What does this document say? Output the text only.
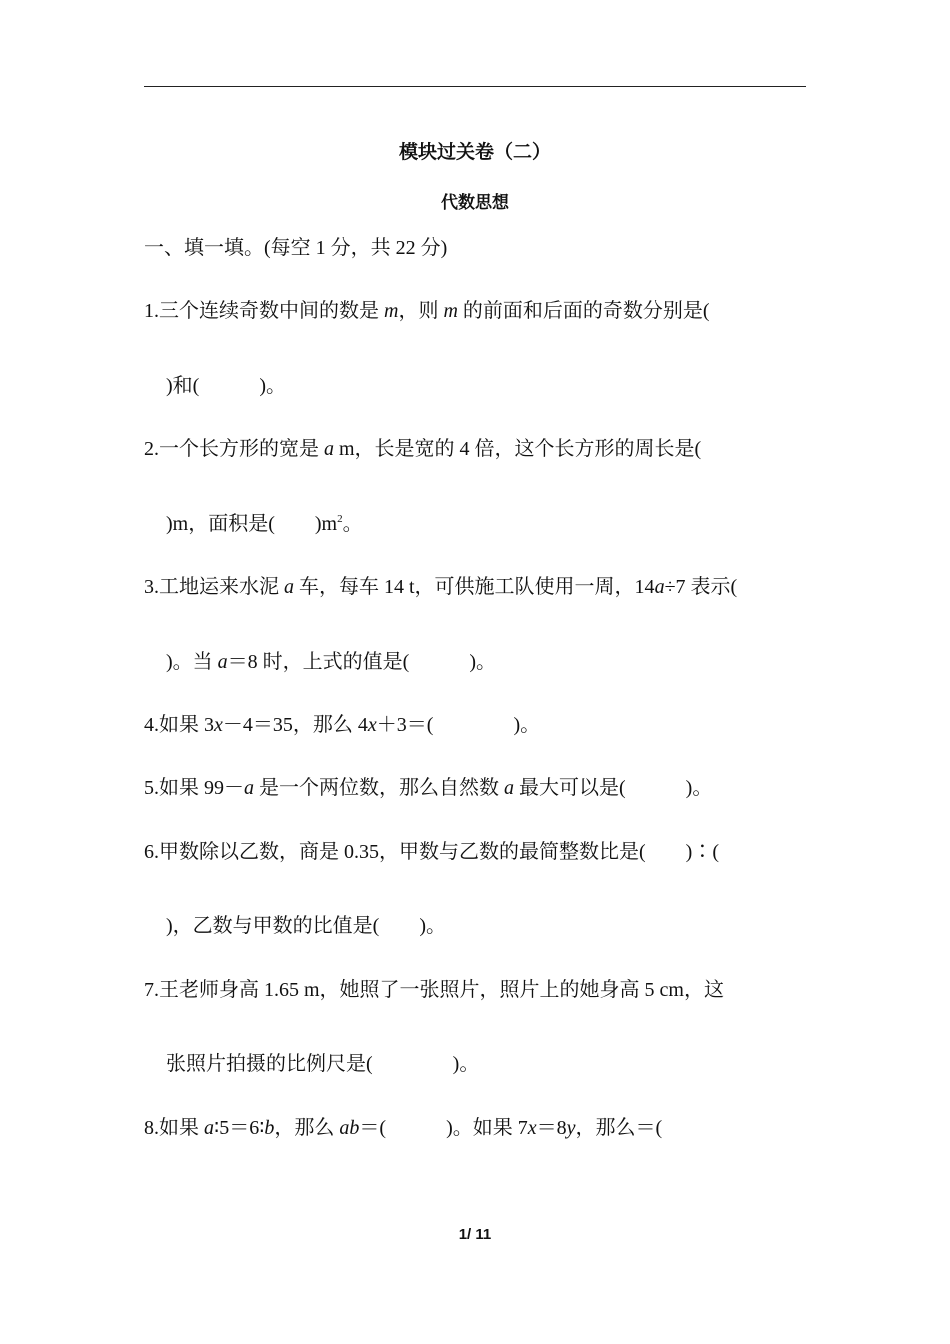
模块过关卷（二）
代数思想
一、填一填。(每空 1 分，共 22 分)
1.三个连续奇数中间的数是 m，则 m 的前面和后面的奇数分别是(
)和(            )。
2.一个长方形的宽是 a m，长是宽的 4 倍，这个长方形的周长是(
)m，面积是(        )$m^2$。
3.工地运来水泥 a 车，每车 14 t，可供施工队使用一周，14a÷7 表示(
)。当 a＝8 时，上式的值是(            )。
4.如果 3x－4＝35，那么 4x＋3＝(                )。
5.如果 99－a 是一个两位数，那么自然数 a 最大可以是(            )。
6.甲数除以乙数，商是 0.35，甲数与乙数的最简整数比是(        )∶(
)，乙数与甲数的比值是(        )。
7.王老师身高 1.65 m，她照了一张照片，照片上的她身高 5 cm，这
张照片拍摄的比例尺是(                )。
8.如果 a∶5＝6∶b，那么 ab＝(            )。如果 7x＝8y，那么＝(
1/ 11
